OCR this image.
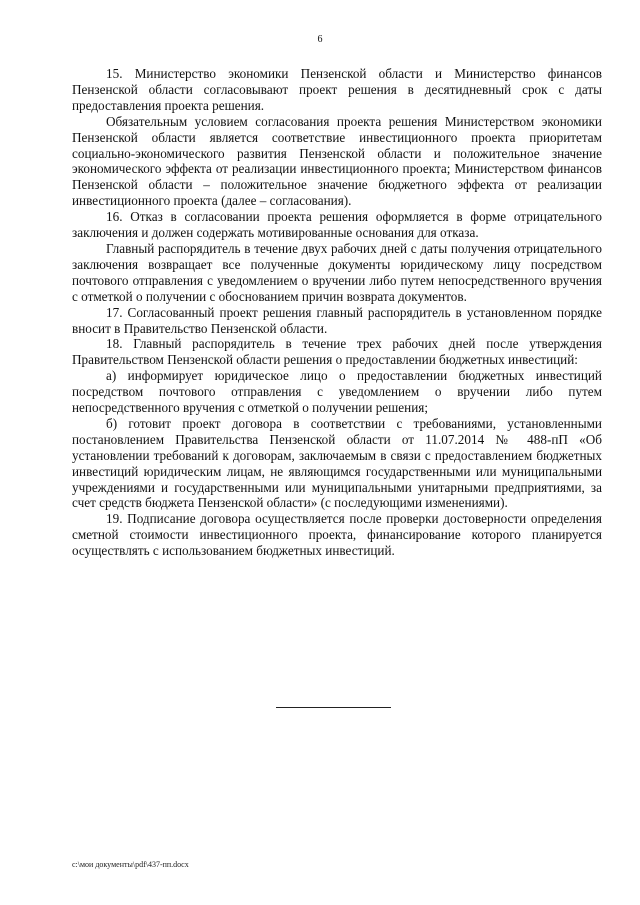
6

15. Министерство экономики Пензенской области и Министерство финансов Пензенской области согласовывают проект решения в десятидневный срок с даты предоставления проекта решения.

Обязательным условием согласования проекта решения Министерством экономики Пензенской области является соответствие инвестиционного проекта приоритетам социально-экономического развития Пензенской области и положительное значение экономического эффекта от реализации инвестиционного проекта; Министерством финансов Пензенской области – положительное значение бюджетного эффекта от реализации инвестиционного проекта (далее – согласования).

16. Отказ в согласовании проекта решения оформляется в форме отрицательного заключения и должен содержать мотивированные основания для отказа.

Главный распорядитель в течение двух рабочих дней с даты получения отрицательного заключения возвращает все полученные документы юридическому лицу посредством почтового отправления с уведомлением о вручении либо путем непосредственного вручения с отметкой о получении с обоснованием причин возврата документов.

17. Согласованный проект решения главный распорядитель в установленном порядке вносит в Правительство Пензенской области.

18. Главный распорядитель в течение трех рабочих дней после утверждения Правительством Пензенской области решения о предоставлении бюджетных инвестиций:

а) информирует юридическое лицо о предоставлении бюджетных инвестиций посредством почтового отправления с уведомлением о вручении либо путем непосредственного вручения с отметкой о получении решения;

б) готовит проект договора в соответствии с требованиями, установленными постановлением Правительства Пензенской области от 11.07.2014 № 488-пП «Об установлении требований к договорам, заключаемым в связи с предоставлением бюджетных инвестиций юридическим лицам, не являющимся государственными или муниципальными учреждениями и государственными или муниципальными унитарными предприятиями, за счет средств бюджета Пензенской области» (с последующими изменениями).

19. Подписание договора осуществляется после проверки достоверности определения сметной стоимости инвестиционного проекта, финансирование которого планируется осуществлять с использованием бюджетных инвестиций.

c:\мои документы\pdf\437-пп.docx
